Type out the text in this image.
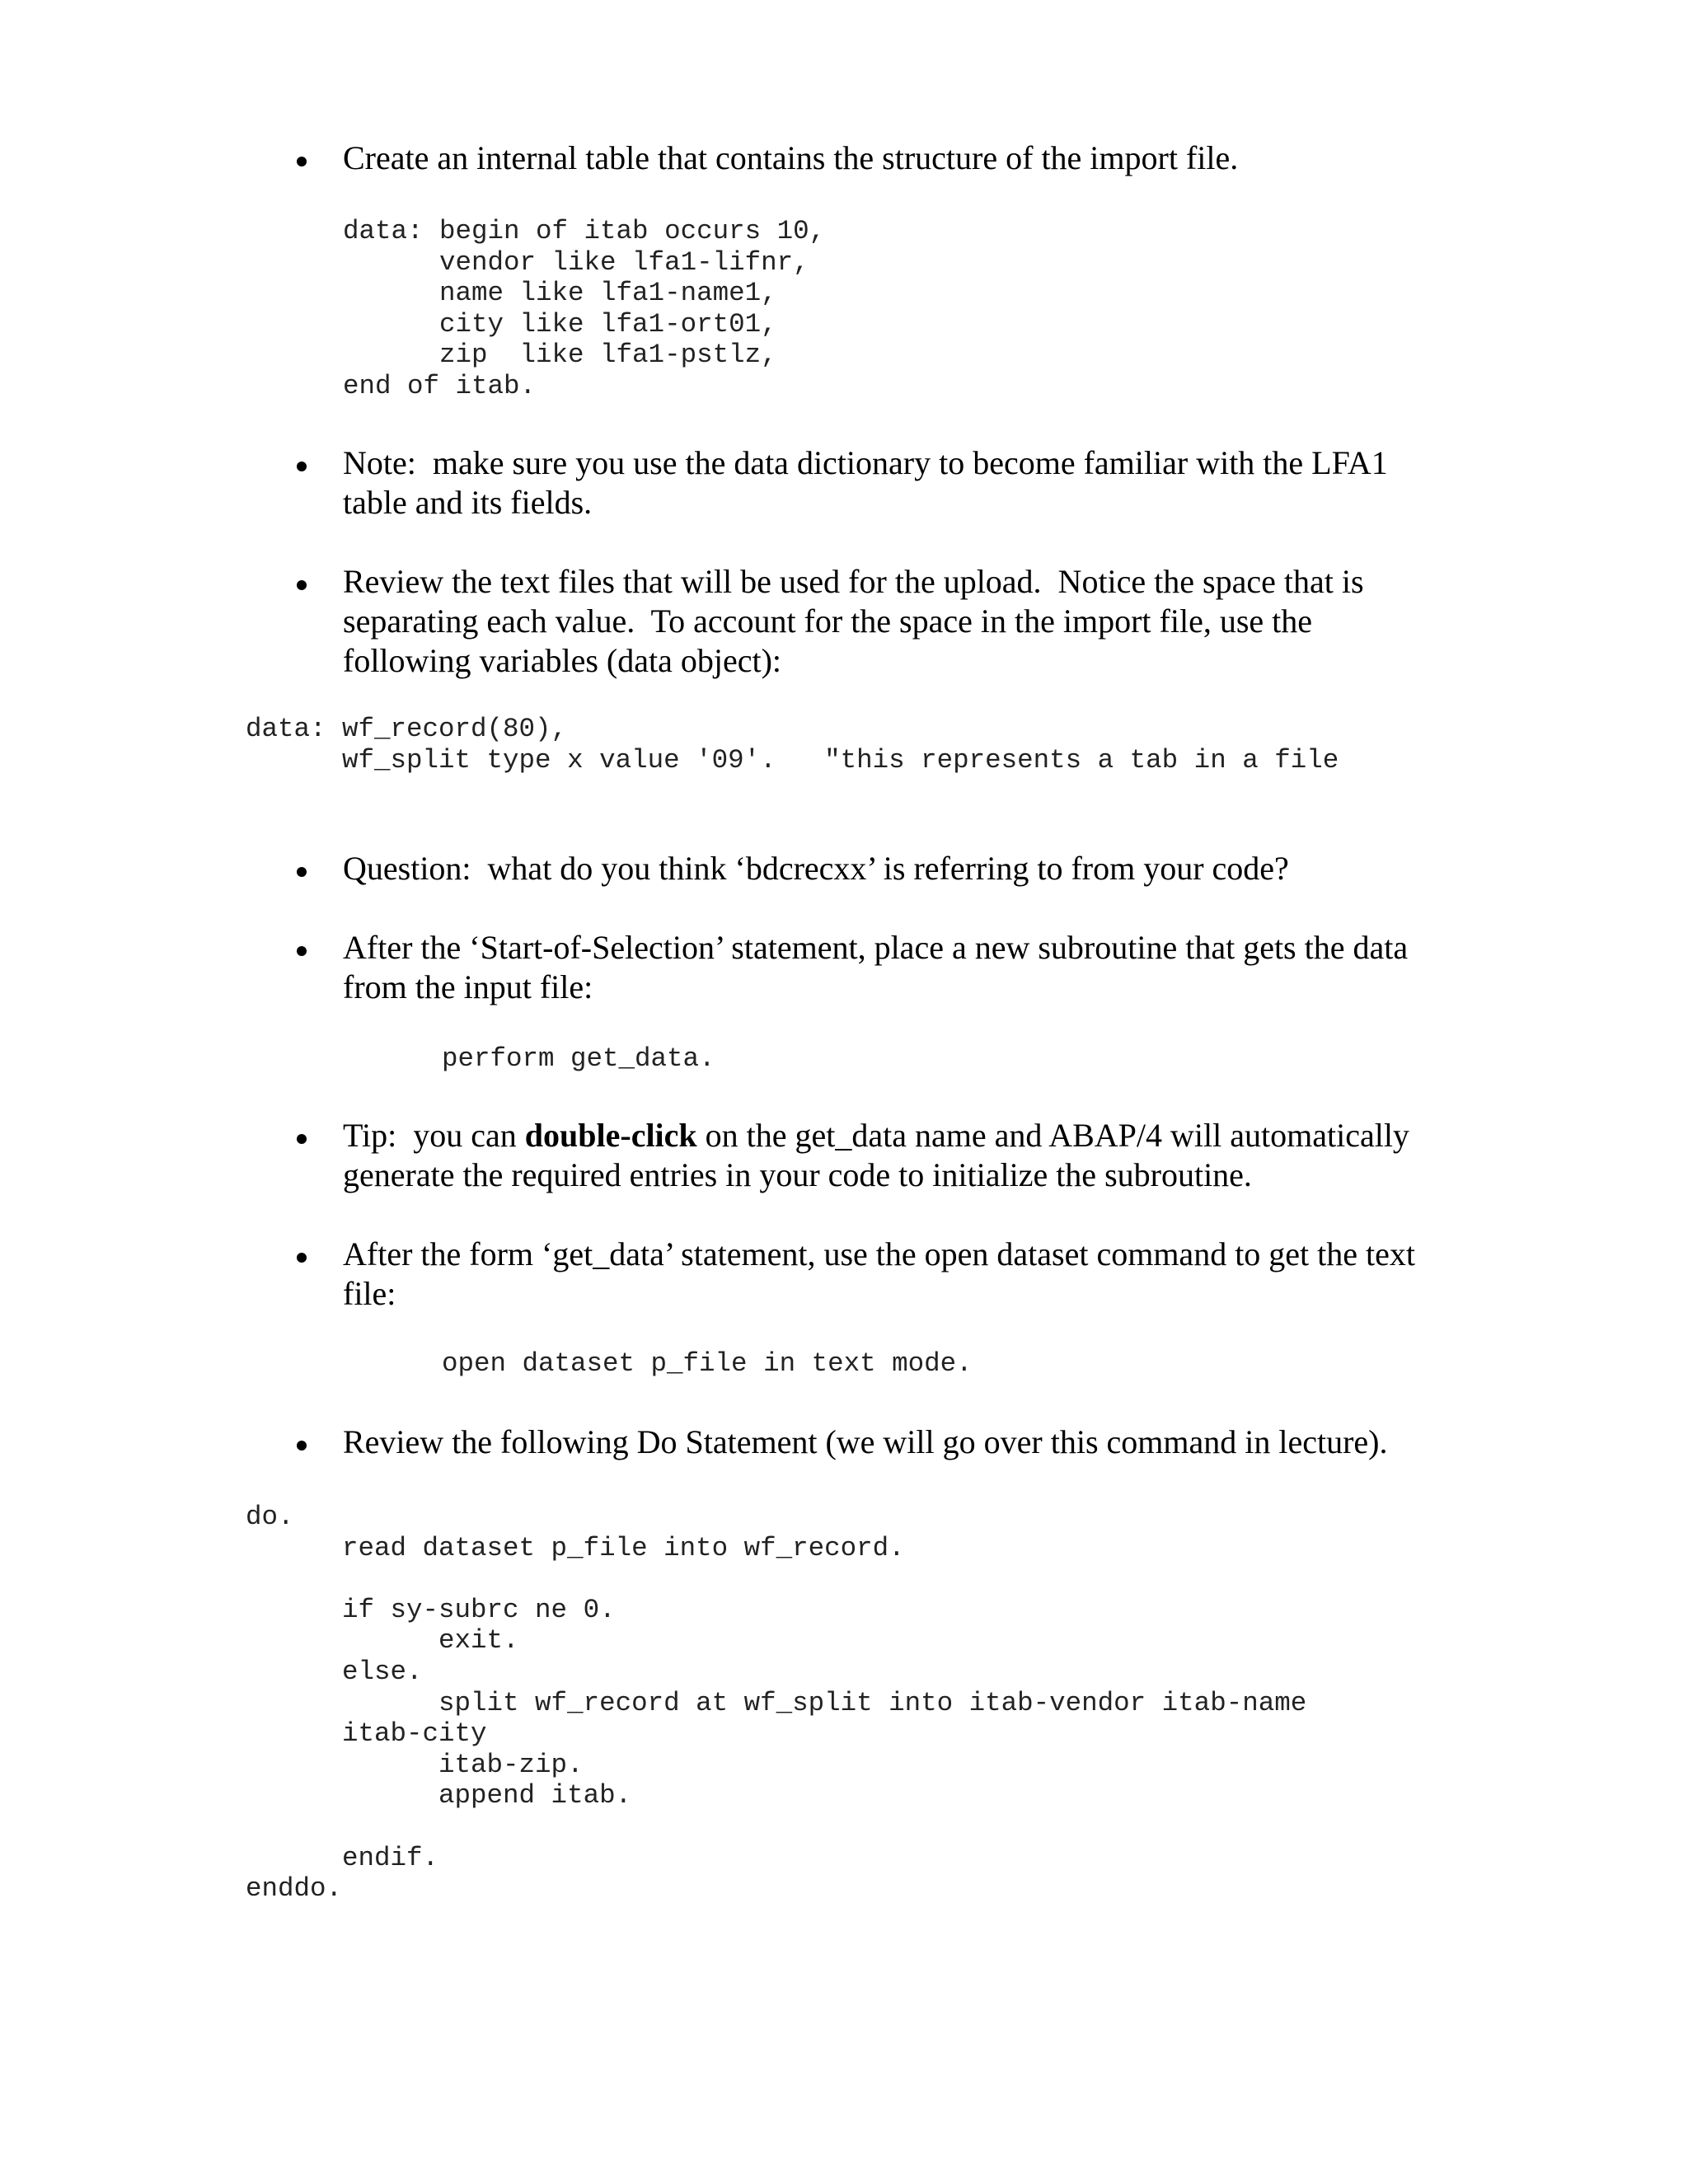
Create an internal table that contains the structure of the import file.
data: begin of itab occurs 10,
vendor like lfa1-lifnr,
name like lfa1-name1,
city like lfa1-ort01,
zip  like lfa1-pstlz,
end of itab.
Note:  make sure you use the data dictionary to become familiar with the LFA1 table and its fields.
Review the text files that will be used for the upload.  Notice the space that is separating each value.  To account for the space in the import file, use the following variables (data object):
data: wf_record(80),
wf_split type x value '09'.   "this represents a tab in a file
Question:  what do you think ‘bdcrecxx’ is referring to from your code?
After the ‘Start-of-Selection’ statement, place a new subroutine that gets the data from the input file:
perform get_data.
Tip:  you can double-click on the get_data name and ABAP/4 will automatically generate the required entries in your code to initialize the subroutine.
After the form ‘get_data’ statement, use the open dataset command to get the text file:
open dataset p_file in text mode.
Review the following Do Statement (we will go over this command in lecture).
do.
read dataset p_file into wf_record.

if sy-subrc ne 0.
exit.
else.
split wf_record at wf_split into itab-vendor itab-name
itab-city
itab-zip.
append itab.

endif.
enddo.
